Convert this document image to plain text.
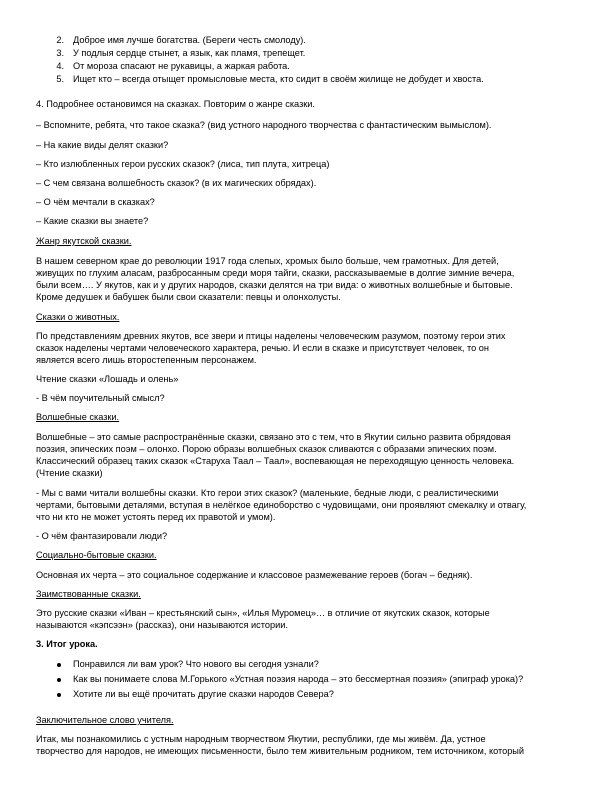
2. Доброе имя лучше богатства. (Береги честь смолоду).
3. У подлыя сердце стынет, а язык, как пламя, трепещет.
4. От мороза спасают не рукавицы, а жаркая работа.
5. Ищет кто – всегда отыщет промысловые места, кто сидит в своём жилище не добудет и хвоста.
4. Подробнее остановимся на сказках. Повторим о жанре сказки.
– Вспомните, ребята, что такое сказка? (вид устного народного творчества с фантастическим вымыслом).
– На какие виды делят сказки?
– Кто излюбленных герои русских сказок? (лиса, тип плута, хитреца)
– С чем связана волшебность сказок? (в их магических обрядах).
– О чём мечтали в сказках?
– Какие сказки вы знаете?
Жанр якутской сказки.
В нашем северном крае до революции 1917 года слепых, хромых было больше, чем грамотных. Для детей,
живущих по глухим аласам, разбросанным среди моря тайги, сказки, рассказываемые в долгие зимние вечера,
были всем…. У якутов, как и у других народов, сказки делятся на три вида: о животных волшебные и бытовые.
Кроме дедушек и бабушек были свои сказатели: певцы и олонхолусты.
Сказки о животных.
По представлениям древних якутов, все звери и птицы наделены человеческим разумом, поэтому герои этих
сказок наделены чертами человеческого характера, речью. И если в сказке и присутствует человек, то он
является всего лишь второстепенным персонажем.
Чтение сказки «Лошадь и олень»
- В чём поучительный смысл?
Волшебные сказки.
Волшебные – это самые распространённые сказки, связано это с тем, что в Якутии сильно развита обрядовая
поэзия, эпических поэм – олонхо. Порою образы волшебных сказок сливаются с образами эпических поэм.
Классический образец таких сказок «Старуха Таал – Таал», воспевающая не переходящую ценность человека.
(Чтение сказки)
- Мы с вами читали волшебны сказки. Кто герои этих сказок? (маленькие, бедные люди, с реалистическими
чертами, бытовыми деталями, вступая в нелёгкое единоборство с чудовищами, они проявляют смекалку и отвагу,
что ни кто не может устоять перед их правотой и умом).
- О чём фантазировали люди?
Социально-бытовые сказки.
Основная их черта – это социальное содержание и классовое размежевание героев (богач – бедняк).
Заимствованные сказки.
Это русские сказки «Иван – крестьянский сын», «Илья Муромец»… в отличие от якутских сказок, которые
называются «кэпсээн» (рассказ), они называются истории.
3. Итог урока.
Понравился ли вам урок? Что нового вы сегодня узнали?
Как вы понимаете слова М.Горького «Устная поэзия народа – это бессмертная поэзия» (эпиграф урока)?
Хотите ли вы ещё прочитать другие сказки народов Севера?
Заключительное слово учителя.
Итак, мы познакомились с устным народным творчеством Якутии, республики, где мы живём. Да, устное
творчество для народов, не имеющих письменности, было тем живительным родником, тем источником, который
